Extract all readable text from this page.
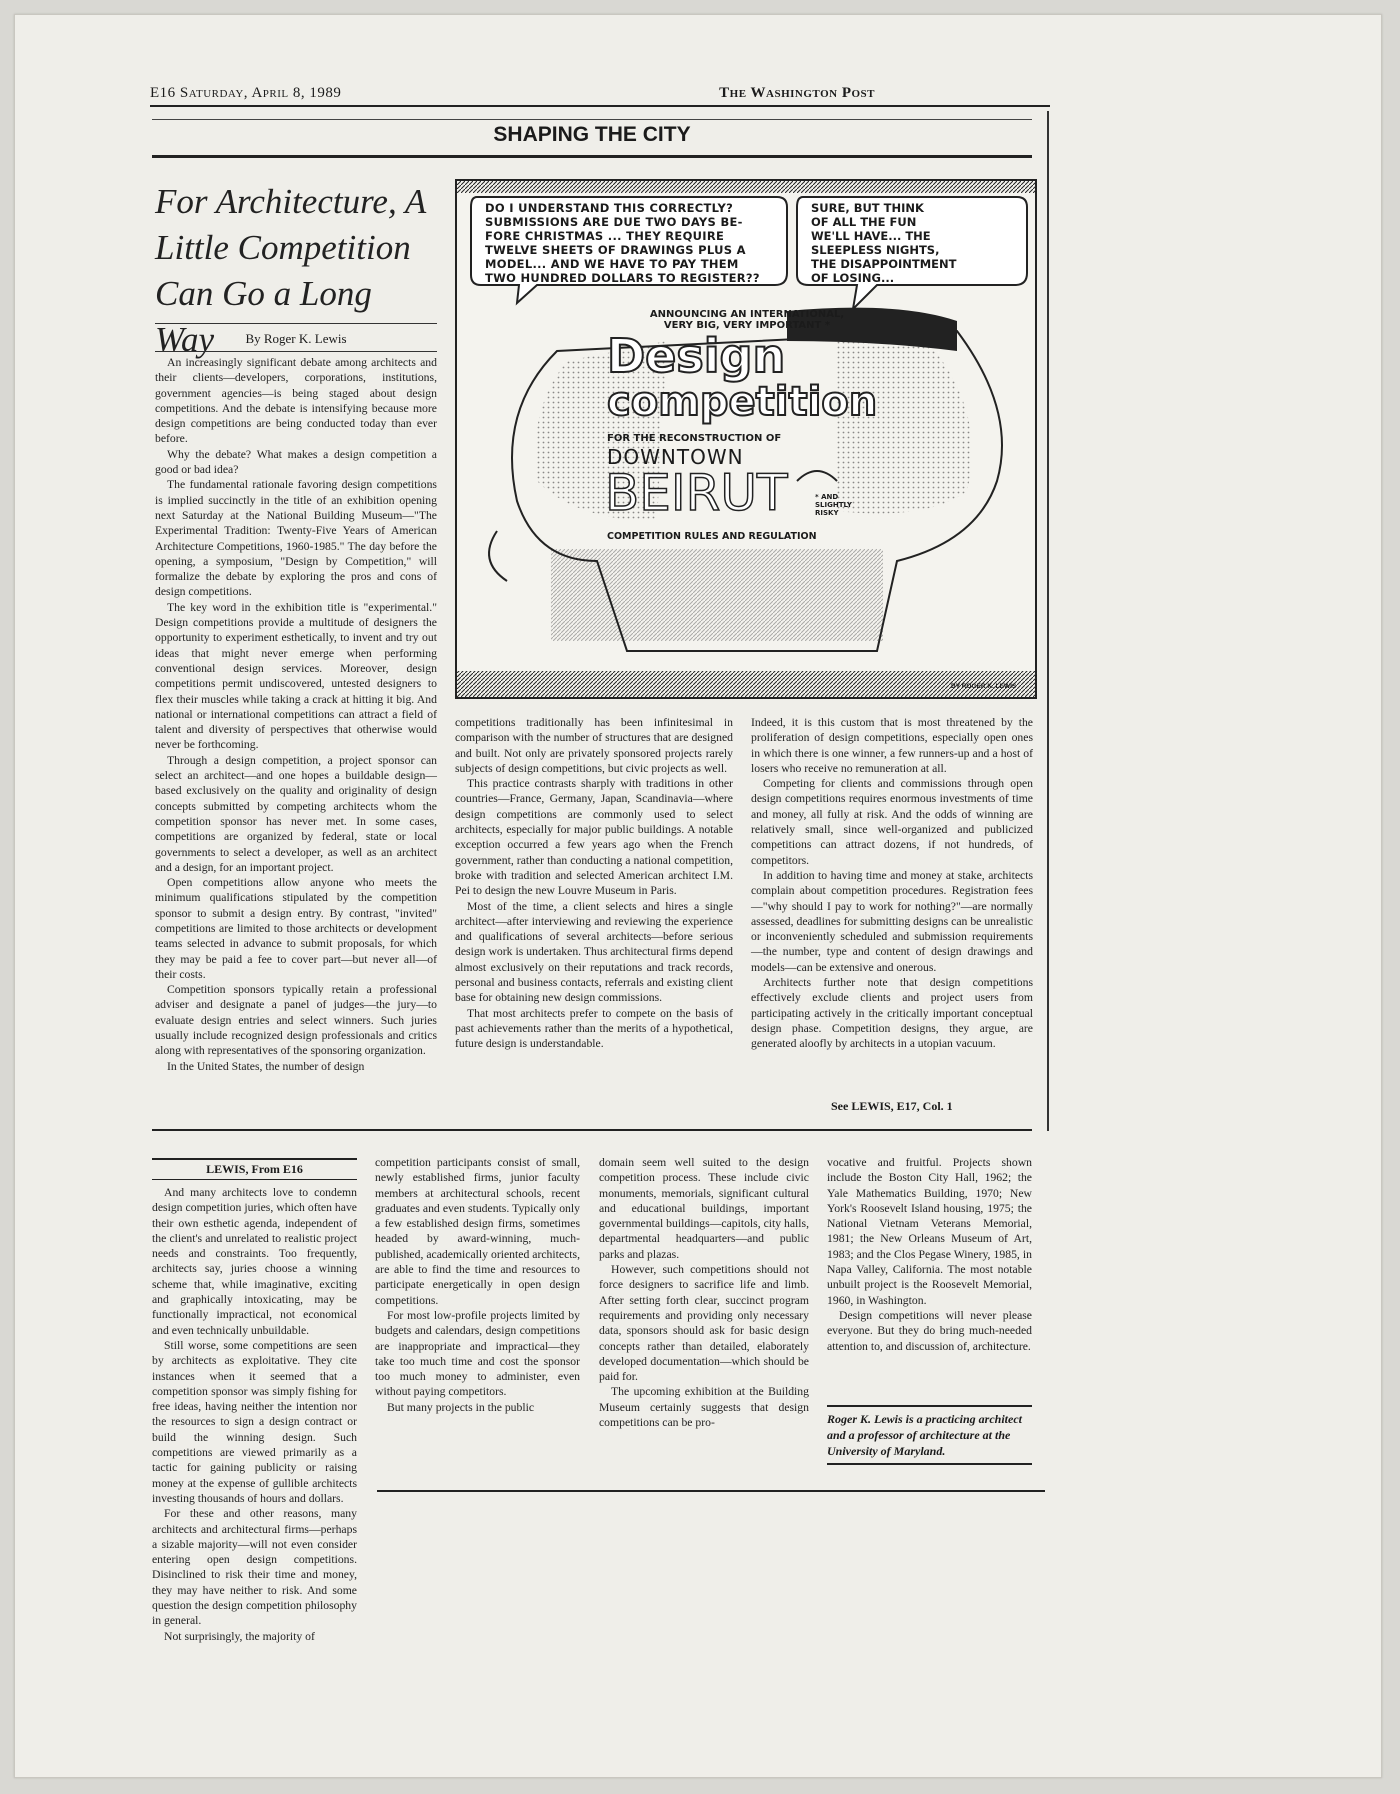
E16 Saturday, April 8, 1989	The Washington Post
SHAPING THE CITY
For Architecture, A Little Competition Can Go a Long Way	By Roger K. Lewis

An increasingly significant debate among architects and their clients—developers, corporations, institutions, government agencies—is being staged about design competitions. And the debate is intensifying because more design competitions are being conducted today than ever before.

Why the debate? What makes a design competition a good or bad idea?

The fundamental rationale favoring design competitions is implied succinctly in the title of an exhibition opening next Saturday at the National Building Museum—"The Experimental Tradition: Twenty-Five Years of American Architecture Competitions, 1960-1985." The day before the opening, a symposium, "Design by Competition," will formalize the debate by exploring the pros and cons of design competitions.

The key word in the exhibition title is "experimental." Design competitions provide a multitude of designers the opportunity to experiment esthetically, to invent and try out ideas that might never emerge when performing conventional design services. Moreover, design competitions permit undiscovered, untested designers to flex their muscles while taking a crack at hitting it big. And national or international competitions can attract a field of talent and diversity of perspectives that otherwise would never be forthcoming.

Through a design competition, a project sponsor can select an architect—and one hopes a buildable design—based exclusively on the quality and originality of design concepts submitted by competing architects whom the competition sponsor has never met. In some cases, competitions are organized by federal, state or local governments to select a developer, as well as an architect and a design, for an important project.

Open competitions allow anyone who meets the minimum qualifications stipulated by the competition sponsor to submit a design entry. By contrast, "invited" competitions are limited to those architects or development teams selected in advance to submit proposals, for which they may be paid a fee to cover part—but never all—of their costs.

Competition sponsors typically retain a professional adviser and designate a panel of judges—the jury—to evaluate design entries and select winners. Such juries usually include recognized design professionals and critics along with representatives of the sponsoring organization.

In the United States, the number of design

DO I UNDERSTAND THIS CORRECTLY?
SUBMISSIONS ARE DUE TWO DAYS BE-
FORE CHRISTMAS ... THEY REQUIRE
TWELVE SHEETS OF DRAWINGS PLUS A
MODEL... AND WE HAVE TO PAY THEM
TWO HUNDRED DOLLARS TO REGISTER??
SURE, BUT THINK
OF ALL THE FUN
WE'LL HAVE... THE
SLEEPLESS NIGHTS,
THE DISAPPOINTMENT
OF LOSING...
ANNOUNCING AN INTERNATIONAL,
VERY BIG, VERY IMPORTANT *
Design
competition
FOR THE RECONSTRUCTION OF
DOWNTOWN
BEIRUT	* AND SLIGHTLY RISKY
COMPETITION RULES AND REGULATION
BY ROGER K. LEWIS

competitions traditionally has been infinitesimal in comparison with the number of structures that are designed and built. Not only are privately sponsored projects rarely subjects of design competitions, but civic projects as well.

This practice contrasts sharply with traditions in other countries—France, Germany, Japan, Scandinavia—where design competitions are commonly used to select architects, especially for major public buildings. A notable exception occurred a few years ago when the French government, rather than conducting a national competition, broke with tradition and selected American architect I.M. Pei to design the new Louvre Museum in Paris.

Most of the time, a client selects and hires a single architect—after interviewing and reviewing the experience and qualifications of several architects—before serious design work is undertaken. Thus architectural firms depend almost exclusively on their reputations and track records, personal and business contacts, referrals and existing client base for obtaining new design commissions.

That most architects prefer to compete on the basis of past achievements rather than the merits of a hypothetical, future design is understandable.

Indeed, it is this custom that is most threatened by the proliferation of design competitions, especially open ones in which there is one winner, a few runners-up and a host of losers who receive no remuneration at all.

Competing for clients and commissions through open design competitions requires enormous investments of time and money, all fully at risk. And the odds of winning are relatively small, since well-organized and publicized competitions can attract dozens, if not hundreds, of competitors.

In addition to having time and money at stake, architects complain about competition procedures. Registration fees—"why should I pay to work for nothing?"—are normally assessed, deadlines for submitting designs can be unrealistic or inconveniently scheduled and submission requirements—the number, type and content of design drawings and models—can be extensive and onerous.

Architects further note that design competitions effectively exclude clients and project users from participating actively in the critically important conceptual design phase. Competition designs, they argue, are generated aloofly by architects in a utopian vacuum.

See LEWIS, E17, Col. 1
LEWIS, From E16

And many architects love to condemn design competition juries, which often have their own esthetic agenda, independent of the client's and unrelated to realistic project needs and constraints. Too frequently, architects say, juries choose a winning scheme that, while imaginative, exciting and graphically intoxicating, may be functionally impractical, not economical and even technically unbuildable.

Still worse, some competitions are seen by architects as exploitative. They cite instances when it seemed that a competition sponsor was simply fishing for free ideas, having neither the intention nor the resources to sign a design contract or build the winning design. Such competitions are viewed primarily as a tactic for gaining publicity or raising money at the expense of gullible architects investing thousands of hours and dollars.

For these and other reasons, many architects and architectural firms—perhaps a sizable majority—will not even consider entering open design competitions. Disinclined to risk their time and money, they may have neither to risk. And some question the design competition philosophy in general.

Not surprisingly, the majority of

competition participants consist of small, newly established firms, junior faculty members at architectural schools, recent graduates and even students. Typically only a few established design firms, sometimes headed by award-winning, much-published, academically oriented architects, are able to find the time and resources to participate energetically in open design competitions.

For most low-profile projects limited by budgets and calendars, design competitions are inappropriate and impractical—they take too much time and cost the sponsor too much money to administer, even without paying competitors.

But many projects in the public

domain seem well suited to the design competition process. These include civic monuments, memorials, significant cultural and educational buildings, important governmental buildings—capitols, city halls, departmental headquarters—and public parks and plazas.

However, such competitions should not force designers to sacrifice life and limb. After setting forth clear, succinct program requirements and providing only necessary data, sponsors should ask for basic design concepts rather than detailed, elaborately developed documentation—which should be paid for.

The upcoming exhibition at the Building Museum certainly suggests that design competitions can be pro-

vocative and fruitful. Projects shown include the Boston City Hall, 1962; the Yale Mathematics Building, 1970; New York's Roosevelt Island housing, 1975; the National Vietnam Veterans Memorial, 1981; the New Orleans Museum of Art, 1983; and the Clos Pegase Winery, 1985, in Napa Valley, California. The most notable unbuilt project is the Roosevelt Memorial, 1960, in Washington.

Design competitions will never please everyone. But they do bring much-needed attention to, and discussion of, architecture.

Roger K. Lewis is a practicing architect and a professor of architecture at the University of Maryland.
